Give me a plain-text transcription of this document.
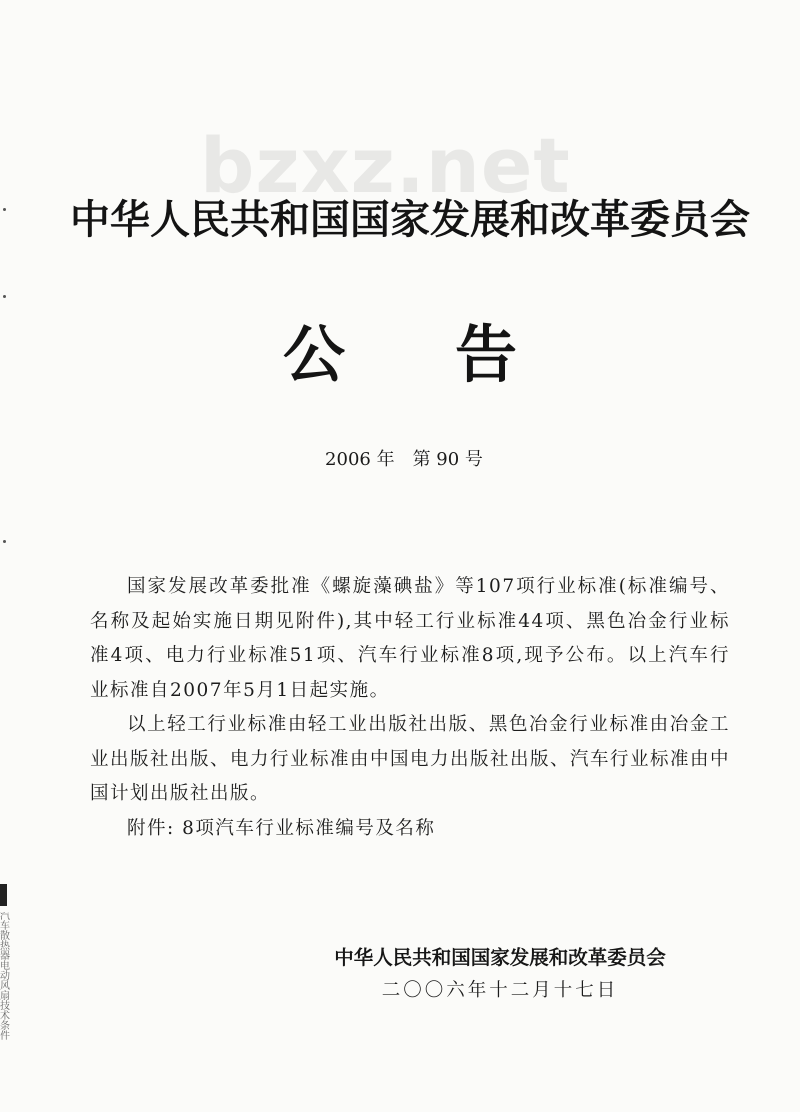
bzxz.net
中华人民共和国国家发展和改革委员会
公告
2006 年　第 90 号

国家发展改革委批准《螺旋藻碘盐》等107项行业标准(标准编号、名称及起始实施日期见附件),其中轻工行业标准44项、黑色冶金行业标准4项、电力行业标准51项、汽车行业标准8项,现予公布。以上汽车行业标准自2007年5月1日起实施。

以上轻工行业标准由轻工业出版社出版、黑色冶金行业标准由冶金工业出版社出版、电力行业标准由中国电力出版社出版、汽车行业标准由中国计划出版社出版。

附件: 8项汽车行业标准编号及名称

中华人民共和国国家发展和改革委员会
二〇〇六年十二月十七日
汽车散热器电动风扇技术条件
